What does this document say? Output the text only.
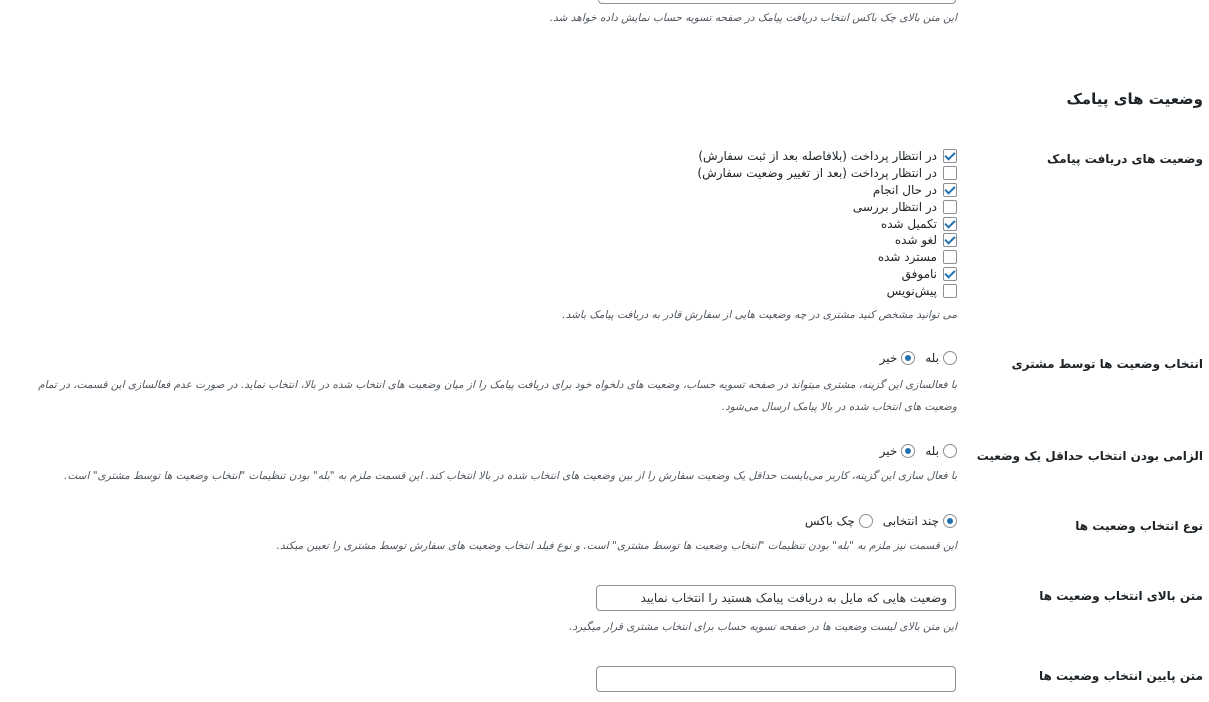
این متن بالای چک باکس انتخاب دریافت پیامک در صفحه تسویه حساب نمایش داده خواهد شد.
وضعیت های پیامک
وضعیت های دریافت پیامک
در انتظار پرداخت (بلافاصله بعد از ثبت سفارش)
در انتظار پرداخت (بعد از تغییر وضعیت سفارش)
در حال انجام
در انتظار بررسی
تکمیل شده
لغو شده
مسترد شده
ناموفق
پیش‌نویس
می توانید مشخص کنید مشتری در چه وضعیت هایی از سفارش قادر به دریافت پیامک باشد.
انتخاب وضعیت ها توسط مشتری
بله
خیر
با فعالسازی این گزینه، مشتری میتواند در صفحه تسویه حساب، وضعیت های دلخواه خود برای دریافت پیامک را از میان وضعیت های انتخاب شده در بالا، انتخاب نماید. در صورت عدم فعالسازی این قسمت، در تمام وضعیت های انتخاب شده در بالا پیامک ارسال می‌شود.
الزامی بودن انتخاب حداقل یک وضعیت
بله
خیر
با فعال سازی این گزینه، کاربر می‌بایست حداقل یک وضعیت سفارش را از بین وضعیت های انتخاب شده در بالا انتخاب کند. این قسمت ملزم به "بله" بودن تنظیمات "انتخاب وضعیت ها توسط مشتری" است.
نوع انتخاب وضعیت ها
چند انتخابی
چک باکس
این قسمت نیز ملزم به "بله" بودن تنظیمات "انتخاب وضعیت ها توسط مشتری" است. و نوع فیلد انتخاب وضعیت های سفارش توسط مشتری را تعیین میکند.
متن بالای انتخاب وضعیت ها
وضعیت هایی که مایل به دریافت پیامک هستید را انتخاب نمایید
این متن بالای لیست وضعیت ها در صفحه تسویه حساب برای انتخاب مشتری قرار میگیرد.
متن پایین انتخاب وضعیت ها
